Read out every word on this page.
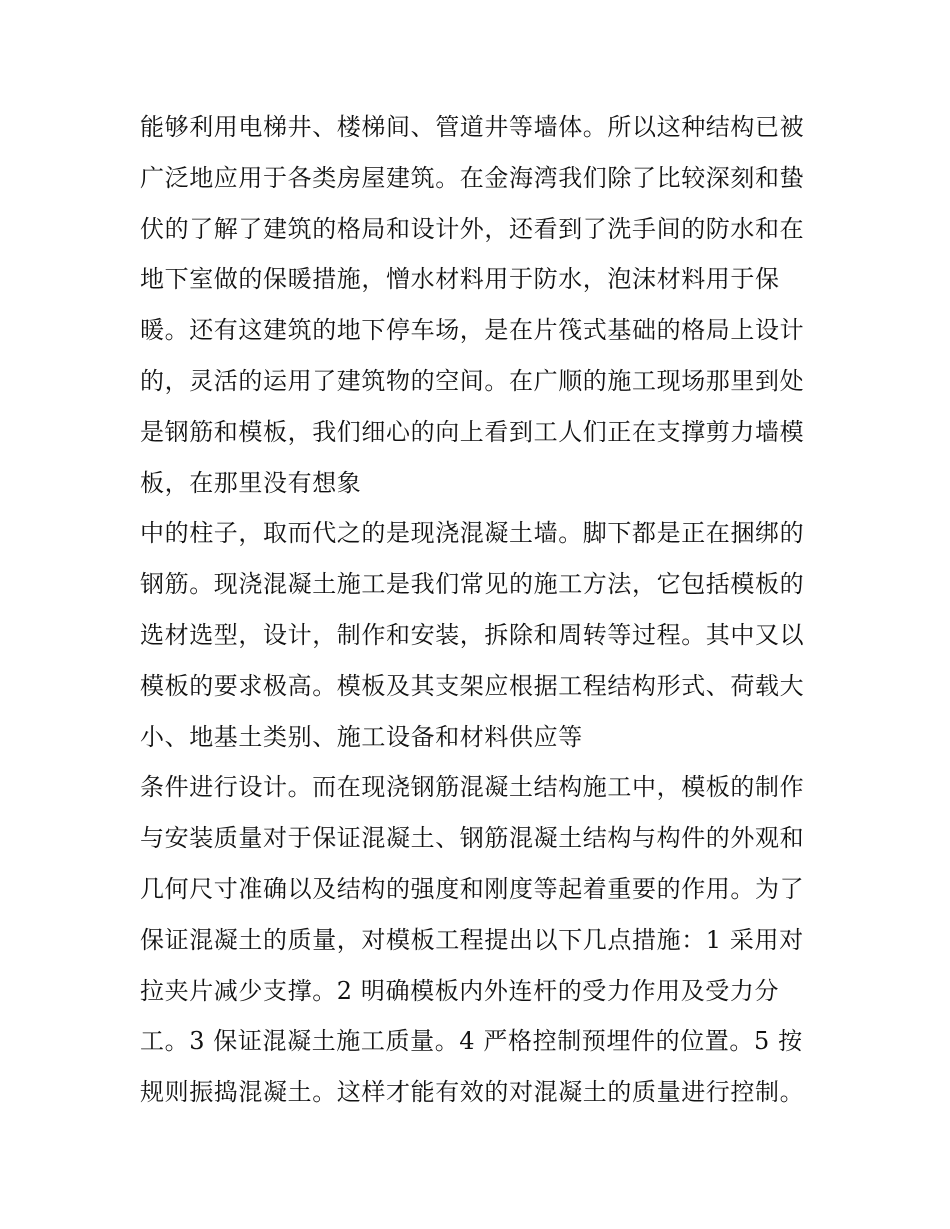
能够利用电梯井、楼梯间、管道井等墙体。所以这种结构已被
广泛地应用于各类房屋建筑。在金海湾我们除了比较深刻和蛰
伏的了解了建筑的格局和设计外，还看到了洗手间的防水和在
地下室做的保暖措施，憎水材料用于防水，泡沫材料用于保
暖。还有这建筑的地下停车场，是在片筏式基础的格局上设计
的，灵活的运用了建筑物的空间。在广顺的施工现场那里到处
是钢筋和模板，我们细心的向上看到工人们正在支撑剪力墙模
板，在那里没有想象
中的柱子，取而代之的是现浇混凝土墙。脚下都是正在捆绑的
钢筋。现浇混凝土施工是我们常见的施工方法，它包括模板的
选材选型，设计，制作和安装，拆除和周转等过程。其中又以
模板的要求极高。模板及其支架应根据工程结构形式、荷载大
小、地基土类别、施工设备和材料供应等
条件进行设计。而在现浇钢筋混凝土结构施工中，模板的制作
与安装质量对于保证混凝土、钢筋混凝土结构与构件的外观和
几何尺寸准确以及结构的强度和刚度等起着重要的作用。为了
保证混凝土的质量，对模板工程提出以下几点措施：1 采用对
拉夹片减少支撑。2 明确模板内外连杆的受力作用及受力分
工。3 保证混凝土施工质量。4 严格控制预埋件的位置。5 按
规则振捣混凝土。这样才能有效的对混凝土的质量进行控制。
